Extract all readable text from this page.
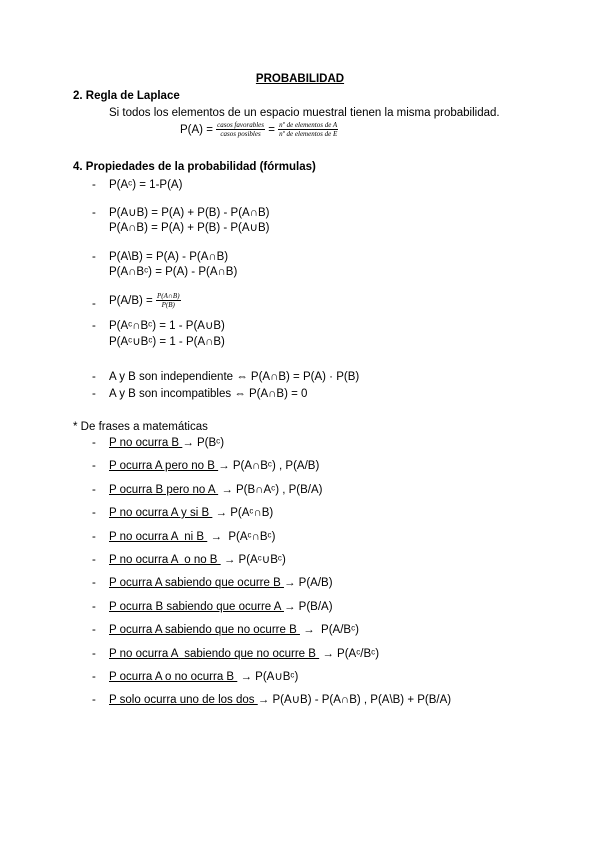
PROBABILIDAD
2. Regla de Laplace
Si todos los elementos de un espacio muestral tienen la misma probabilidad.
$P(A) = \frac{\text{casos favorables}}{\text{casos posibles}} = \frac{\text{nº de elementos de A}}{\text{nº de elementos de E}}$
4. Propiedades de la probabilidad (fórmulas)
- P(Aᶜ) = 1-P(A)
- P(A∪B) = P(A) + P(B) - P(A∩B)
P(A∩B) = P(A) + P(B) - P(A∪B)
- P(A\B) = P(A) - P(A∩B)
P(A∩Bᶜ) = P(A) - P(A∩B)
- $P(A/B) = \frac{P(A\cap B)}{P(B)}$
- P(Aᶜ∩Bᶜ) = 1 - P(A∪B)
P(Aᶜ∪Bᶜ) = 1 - P(A∩B)
- A y B son independiente ⇔ P(A∩B) = P(A) · P(B)
- A y B son incompatibles ⇔ P(A∩B) = 0
* De frases a matemáticas
- P no ocurra B → P(Bᶜ)
- P ocurra A pero no B → P(A∩Bᶜ) , P(A/B)
- P ocurra B pero no A  → P(B∩Aᶜ) , P(B/A)
- P no ocurra A y si B  → P(Aᶜ∩B)
- P no ocurra A  ni B  →  P(Aᶜ∩Bᶜ)
- P no ocurra A  o no B  → P(Aᶜ∪Bᶜ)
- P ocurra A sabiendo que ocurre B → P(A/B)
- P ocurra B sabiendo que ocurre A → P(B/A)
- P ocurra A sabiendo que no ocurre B  →  P(A/Bᶜ)
- P no ocurra A  sabiendo que no ocurre B  → P(Aᶜ/Bᶜ)
- P ocurra A o no ocurra B  → P(A∪Bᶜ)
- P solo ocurra uno de los dos → P(A∪B) - P(A∩B) , P(A\B) + P(B/A)
